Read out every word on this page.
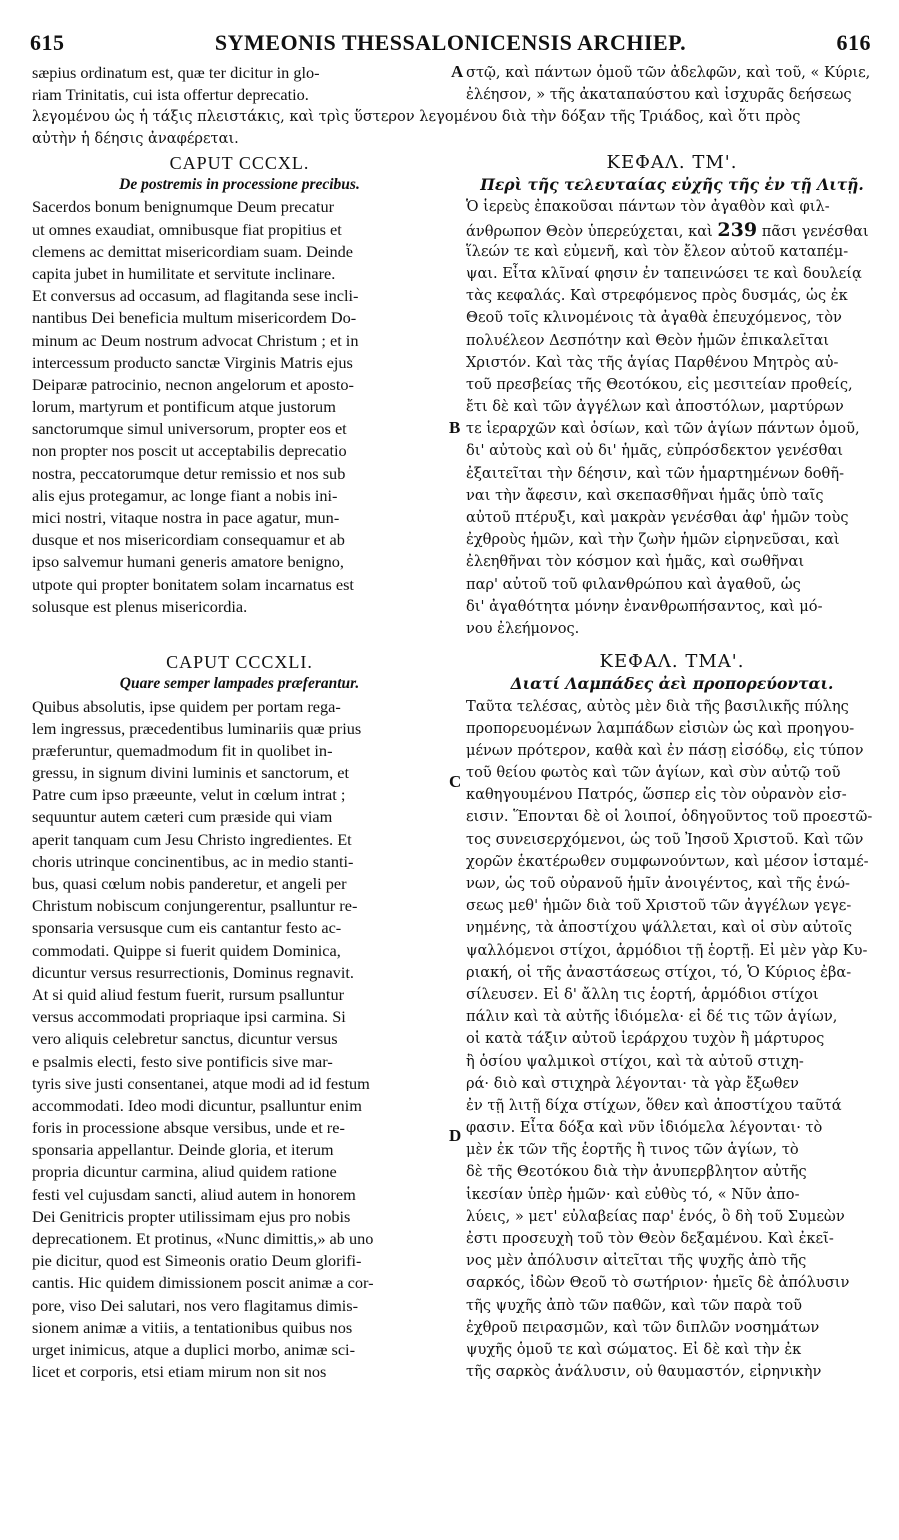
615	SYMEONIS THESSALONICENSIS ARCHIEP.	616
sæpius ordinatum est, quæ ter dicitur in glo-
riam Trinitatis, cui ista offertur deprecatio.
στῷ, καὶ πάντων ὁμοῦ τῶν ἀδελφῶν, καὶ τοῦ, « Κύριε,
ἐλέησον, » τῆς ἀκαταπαύστου καὶ ἰσχυρᾶς δεήσεως
A
λεγομένου ὡς ἡ τάξις πλειστάκις, καὶ τρὶς ὕστερον λεγομένου διὰ τὴν δόξαν τῆς Τριάδος, καὶ ὅτι πρὸς
αὐτὴν ἡ δέησις ἀναφέρεται.
CAPUT CCCXL.
De postremis in processione precibus.
Sacerdos bonum benignumque Deum precatur
ut omnes exaudiat, omnibusque fiat propitius et
clemens ac demittat misericordiam suam. Deinde
capita jubet in humilitate et servitute inclinare.
Et conversus ad occasum, ad flagitanda sese incli-
nantibus Dei beneficia multum misericordem Do-
minum ac Deum nostrum advocat Christum ; et in
intercessum producto sanctæ Virginis Matris ejus
Deiparæ patrocinio, necnon angelorum et aposto-
lorum, martyrum et pontificum atque justorum
sanctorumque simul universorum, propter eos et
non propter nos poscit ut acceptabilis deprecatio
nostra, peccatorumque detur remissio et nos sub
alis ejus protegamur, ac longe fiant a nobis ini-
mici nostri, vitaque nostra in pace agatur, mun-
dusque et nos misericordiam consequamur et ab
ipso salvemur humani generis amatore benigno,
utpote qui propter bonitatem solam incarnatus est
solusque est plenus misericordia.
CAPUT CCCXLI.
Quare semper lampades præferantur.
Quibus absolutis, ipse quidem per portam rega-
lem ingressus, præcedentibus luminariis quæ prius
præferuntur, quemadmodum fit in quolibet in-
gressu, in signum divini luminis et sanctorum, et
Patre cum ipso præeunte, velut in cœlum intrat ;
sequuntur autem cæteri cum præside qui viam
aperit tanquam cum Jesu Christo ingredientes. Et
choris utrinque concinentibus, ac in medio stanti-
bus, quasi cœlum nobis panderetur, et angeli per
Christum nobiscum conjungerentur, psalluntur re-
sponsaria versusque cum eis cantantur festo ac-
commodati. Quippe si fuerit quidem Dominica,
dicuntur versus resurrectionis, Dominus regnavit.
At si quid aliud festum fuerit, rursum psalluntur
versus accommodati propriaque ipsi carmina. Si
vero aliquis celebretur sanctus, dicuntur versus
e psalmis electi, festo sive pontificis sive mar-
tyris sive justi consentanei, atque modi ad id festum
accommodati. Ideo modi dicuntur, psalluntur enim
foris in processione absque versibus, unde et re-
sponsaria appellantur. Deinde gloria, et iterum
propria dicuntur carmina, aliud quidem ratione
festi vel cujusdam sancti, aliud autem in honorem
Dei Genitricis propter utilissimam ejus pro nobis
deprecationem. Et protinus, «Nunc dimittis,» ab uno
pie dicitur, quod est Simeonis oratio Deum glorifi-
cantis. Hic quidem dimissionem poscit animæ a cor-
pore, viso Dei salutari, nos vero flagitamus dimis-
sionem animæ a vitiis, a tentationibus quibus nos
urget inimicus, atque a duplici morbo, animæ sci-
licet et corporis, etsi etiam mirum non sit nos
ΚΕΦΑΛ. ΤΜ'.
Περὶ τῆς τελευταίας εὐχῆς τῆς ἐν τῇ Λιτῇ.
Ὁ ἱερεὺς ἐπακοῦσαι πάντων τὸν ἀγαθὸν καὶ φιλ-
άνθρωπον Θεὸν ὑπερεύχεται, καὶ 239 πᾶσι γενέσθαι
ἵλεών τε καὶ εὐμενῆ, καὶ τὸν ἔλεον αὐτοῦ καταπέμ-
ψαι. Εἶτα κλῖναί φησιν ἐν ταπεινώσει τε καὶ δουλείᾳ
τὰς κεφαλάς. Καὶ στρεφόμενος πρὸς δυσμάς, ὡς ἐκ
Θεοῦ τοῖς κλινομένοις τὰ ἀγαθὰ ἐπευχόμενος, τὸν
πολυέλεον Δεσπότην καὶ Θεὸν ἡμῶν ἐπικαλεῖται
Χριστόν. Καὶ τὰς τῆς ἁγίας Παρθένου Μητρὸς αὐ-
τοῦ πρεσβείας τῆς Θεοτόκου, εἰς μεσιτείαν προθείς,
ἔτι δὲ καὶ τῶν ἀγγέλων καὶ ἀποστόλων, μαρτύρων
τε ἱεραρχῶν καὶ ὁσίων, καὶ τῶν ἁγίων πάντων ὁμοῦ,
δι' αὐτοὺς καὶ οὐ δι' ἡμᾶς, εὐπρόσδεκτον γενέσθαι
ἐξαιτεῖται τὴν δέησιν, καὶ τῶν ἡμαρτημένων δοθῆ-
ναι τὴν ἄφεσιν, καὶ σκεπασθῆναι ἡμᾶς ὑπὸ ταῖς
αὐτοῦ πτέρυξι, καὶ μακρὰν γενέσθαι ἀφ' ἡμῶν τοὺς
ἐχθροὺς ἡμῶν, καὶ τὴν ζωὴν ἡμῶν εἰρηνεῦσαι, καὶ
ἐλεηθῆναι τὸν κόσμον καὶ ἡμᾶς, καὶ σωθῆναι
παρ' αὐτοῦ τοῦ φιλανθρώπου καὶ ἀγαθοῦ, ὡς
δι' ἀγαθότητα μόνην ἐνανθρωπήσαντος, καὶ μό-
νου ἐλεήμονος.
ΚΕΦΑΛ. ΤΜΑ'.
Διατί Λαμπάδες ἀεὶ προπορεύονται.
Ταῦτα τελέσας, αὐτὸς μὲν διὰ τῆς βασιλικῆς πύλης
προπορευομένων λαμπάδων εἰσιὼν ὡς καὶ προηγου-
μένων πρότερον, καθὰ καὶ ἐν πάσῃ εἰσόδῳ, εἰς τύπον
τοῦ θείου φωτὸς καὶ τῶν ἁγίων, καὶ σὺν αὐτῷ τοῦ
καθηγουμένου Πατρός, ὥσπερ εἰς τὸν οὐρανὸν εἰσ-
εισιν. Ἕπονται δὲ οἱ λοιποί, ὁδηγοῦντος τοῦ προεστῶ-
τος συνεισερχόμενοι, ὡς τοῦ Ἰησοῦ Χριστοῦ. Καὶ τῶν
χορῶν ἑκατέρωθεν συμφωνούντων, καὶ μέσον ἱσταμέ-
νων, ὡς τοῦ οὐρανοῦ ἡμῖν ἀνοιγέντος, καὶ τῆς ἑνώ-
σεως μεθ' ἡμῶν διὰ τοῦ Χριστοῦ τῶν ἀγγέλων γεγε-
νημένης, τὰ ἀποστίχου ψάλλεται, καὶ οἱ σὺν αὐτοῖς
ψαλλόμενοι στίχοι, ἁρμόδιοι τῇ ἑορτῇ. Εἰ μὲν γὰρ Κυ-
ριακή, οἱ τῆς ἀναστάσεως στίχοι, τό, Ὁ Κύριος ἐβα-
σίλευσεν. Εἰ δ' ἄλλη τις ἑορτή, ἁρμόδιοι στίχοι
πάλιν καὶ τὰ αὐτῆς ἰδιόμελα· εἰ δέ τις τῶν ἁγίων,
οἱ κατὰ τάξιν αὐτοῦ ἱεράρχου τυχὸν ἢ μάρτυρος
ἢ ὁσίου ψαλμικοὶ στίχοι, καὶ τὰ αὐτοῦ στιχη-
ρά· διὸ καὶ στιχηρὰ λέγονται· τὰ γὰρ ἔξωθεν
ἐν τῇ λιτῇ δίχα στίχων, ὅθεν καὶ ἀποστίχου ταῦτά
φασιν. Εἶτα δόξα καὶ νῦν ἰδιόμελα λέγονται· τὸ
μὲν ἐκ τῶν τῆς ἑορτῆς ἢ τινος τῶν ἁγίων, τὸ
δὲ τῆς Θεοτόκου διὰ τὴν ἀνυπερβλητον αὐτῆς
ἱκεσίαν ὑπὲρ ἡμῶν· καὶ εὐθὺς τό, « Νῦν ἀπο-
λύεις, » μετ' εὐλαβείας παρ' ἑνός, ὃ δὴ τοῦ Συμεὼν
ἐστι προσευχὴ τοῦ τὸν Θεὸν δεξαμένου. Καὶ ἐκεῖ-
νος μὲν ἀπόλυσιν αἰτεῖται τῆς ψυχῆς ἀπὸ τῆς
σαρκός, ἰδὼν Θεοῦ τὸ σωτήριον· ἡμεῖς δὲ ἀπόλυσιν
τῆς ψυχῆς ἀπὸ τῶν παθῶν, καὶ τῶν παρὰ τοῦ
ἐχθροῦ πειρασμῶν, καὶ τῶν διπλῶν νοσημάτων
ψυχῆς ὁμοῦ τε καὶ σώματος. Εἰ δὲ καὶ τὴν ἐκ
τῆς σαρκὸς ἀνάλυσιν, οὐ θαυμαστόν, εἰρηνικὴν
B
C
D
